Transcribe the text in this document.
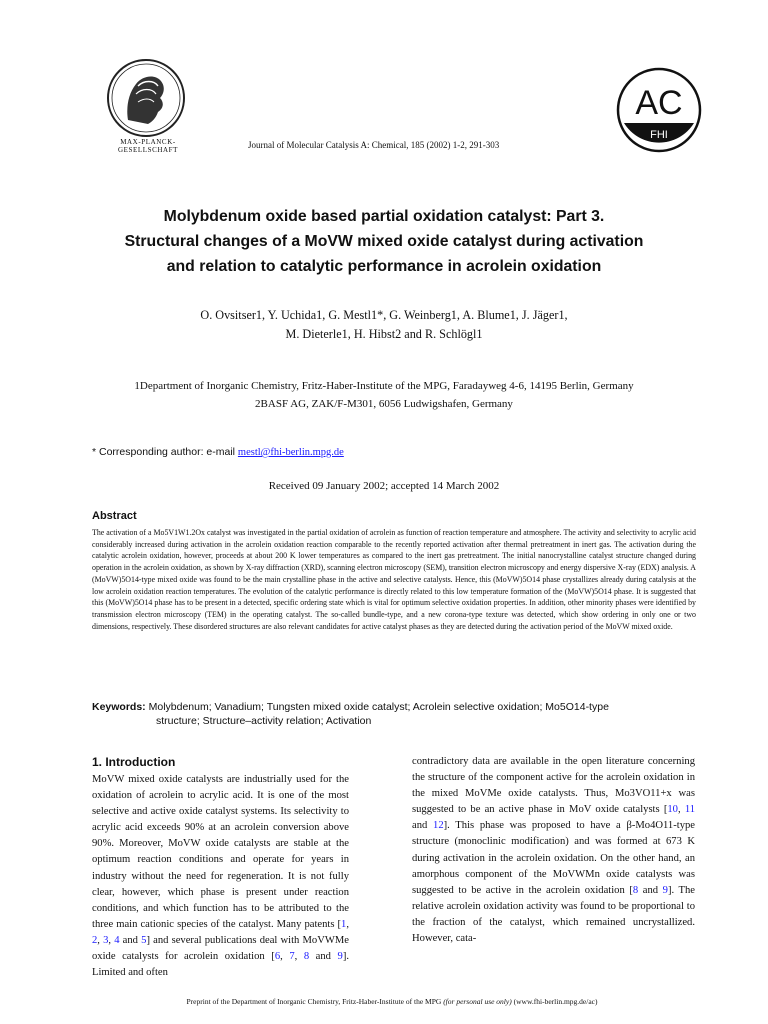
MAX-PLANCK-GESELLSCHAFT
AC
FHI
Journal of Molecular Catalysis A: Chemical, 185 (2002) 1-2, 291-303
Molybdenum oxide based partial oxidation catalyst: Part 3.
Structural changes of a MoVW mixed oxide catalyst during activation
and relation to catalytic performance in acrolein oxidation
O. Ovsitser1, Y. Uchida1, G. Mestl1*, G. Weinberg1, A. Blume1, J. Jäger1,
M. Dieterle1, H. Hibst2 and R. Schlögl1
1Department of Inorganic Chemistry, Fritz-Haber-Institute of the MPG, Faradayweg 4-6, 14195 Berlin, Germany
2BASF AG, ZAK/F-M301, 6056 Ludwigshafen, Germany
* Corresponding author: e-mail mestl@fhi-berlin.mpg.de
Received 09 January 2002; accepted 14 March 2002
Abstract
The activation of a Mo5V1W1.2Ox catalyst was investigated in the partial oxidation of acrolein as function of reaction temperature and atmosphere. The activity and selectivity to acrylic acid considerably increased during activation in the acrolein oxidation reaction comparable to the recently reported activation after thermal pretreatment in inert gas. The activation during the catalytic acrolein oxidation, however, proceeds at about 200 K lower temperatures as compared to the inert gas pretreatment. The initial nanocrystalline catalyst structure changed during operation in the acrolein oxidation, as shown by X-ray diffraction (XRD), scanning electron microscopy (SEM), transition electron microscopy and energy dispersive X-ray (EDX) analysis. A (MoVW)5O14-type mixed oxide was found to be the main crystalline phase in the active and selective catalysts. Hence, this (MoVW)5O14 phase crystallizes already during catalysis at the low acrolein oxidation reaction temperatures. The evolution of the catalytic performance is directly related to this low temperature formation of the (MoVW)5O14 phase. It is suggested that this (MoVW)5O14 phase has to be present in a detected, specific ordering state which is vital for optimum selective oxidation properties. In addition, other minority phases were identified by transmission electron microscopy (TEM) in the operating catalyst. The so-called bundle-type, and a new corona-type texture was detected, which show ordering in only one or two dimensions, respectively. These disordered structures are also relevant candidates for active catalyst phases as they are detected during the activation period of the MoVW mixed oxide.
Keywords: Molybdenum; Vanadium; Tungsten mixed oxide catalyst; Acrolein selective oxidation; Mo5O14-type
structure; Structure–activity relation; Activation
1. Introduction
MoVW mixed oxide catalysts are industrially used for the oxidation of acrolein to acrylic acid. It is one of the most selective and active oxide catalyst systems. Its selectivity to acrylic acid exceeds 90% at an acrolein conversion above 90%. Moreover, MoVW oxide catalysts are stable at the optimum reaction conditions and operate for years in industry without the need for regeneration. It is not fully clear, however, which phase is present under reaction conditions, and which function has to be attributed to the three main cationic species of the catalyst. Many patents [1, 2, 3, 4 and 5] and several publications deal with MoVWMe oxide catalysts for acrolein oxidation [6, 7, 8 and 9]. Limited and often
contradictory data are available in the open literature concerning the structure of the component active for the acrolein oxidation in the mixed MoVMe oxide catalysts. Thus, Mo3VO11+x was suggested to be an active phase in MoV oxide catalysts [10, 11 and 12]. This phase was proposed to have a β-Mo4O11-type structure (monoclinic modification) and was formed at 673 K during activation in the acrolein oxidation. On the other hand, an amorphous component of the MoVWMn oxide catalysts was suggested to be active in the acrolein oxidation [8 and 9]. The relative acrolein oxidation activity was found to be proportional to the fraction of the catalyst, which remained uncrystallized. However, cata-
Preprint of the Department of Inorganic Chemistry, Fritz-Haber-Institute of the MPG (for personal use only) (www.fhi-berlin.mpg.de/ac)
